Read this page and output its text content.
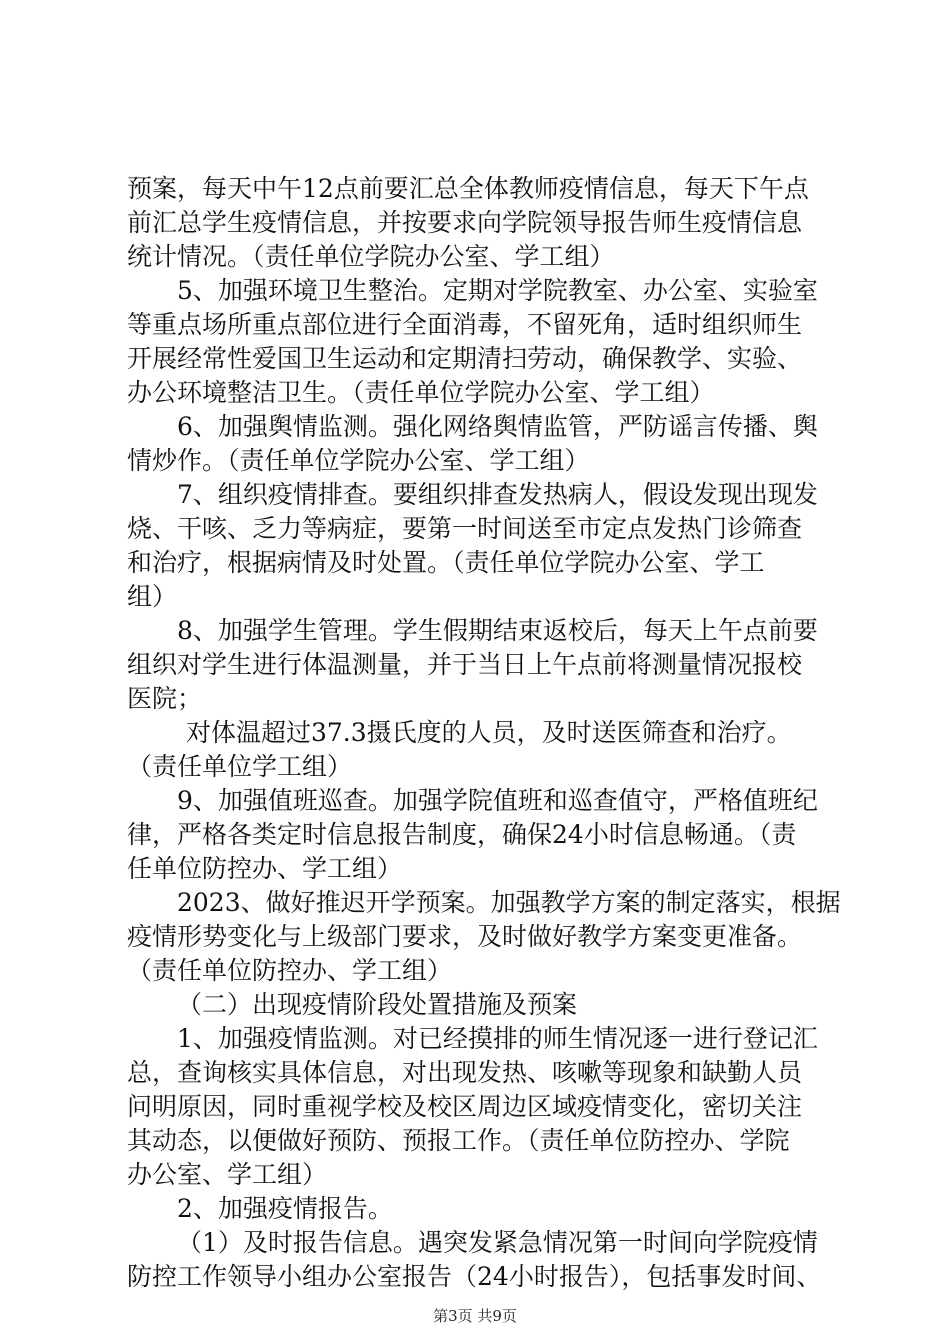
预案，每天中午12点前要汇总全体教师疫情信息，每天下午点
前汇总学生疫情信息，并按要求向学院领导报告师生疫情信息
统计情况。（责任单位学院办公室、学工组）
5、加强环境卫生整治。定期对学院教室、办公室、实验室
等重点场所重点部位进行全面消毒，不留死角，适时组织师生
开展经常性爱国卫生运动和定期清扫劳动，确保教学、实验、
办公环境整洁卫生。（责任单位学院办公室、学工组）
6、加强舆情监测。强化网络舆情监管，严防谣言传播、舆
情炒作。（责任单位学院办公室、学工组）
7、组织疫情排查。要组织排查发热病人，假设发现出现发
烧、干咳、乏力等病症，要第一时间送至市定点发热门诊筛查
和治疗，根据病情及时处置。（责任单位学院办公室、学工
组）
8、加强学生管理。学生假期结束返校后，每天上午点前要
组织对学生进行体温测量，并于当日上午点前将测量情况报校
医院；
对体温超过37.3摄氏度的人员，及时送医筛查和治疗。
（责任单位学工组）
9、加强值班巡查。加强学院值班和巡查值守，严格值班纪
律，严格各类定时信息报告制度，确保24小时信息畅通。（责
任单位防控办、学工组）
2023、做好推迟开学预案。加强教学方案的制定落实，根据
疫情形势变化与上级部门要求，及时做好教学方案变更准备。
（责任单位防控办、学工组）
（二）出现疫情阶段处置措施及预案
1、加强疫情监测。对已经摸排的师生情况逐一进行登记汇
总，查询核实具体信息，对出现发热、咳嗽等现象和缺勤人员
问明原因，同时重视学校及校区周边区域疫情变化，密切关注
其动态，以便做好预防、预报工作。（责任单位防控办、学院
办公室、学工组）
2、加强疫情报告。
（1）及时报告信息。遇突发紧急情况第一时间向学院疫情
防控工作领导小组办公室报告（24小时报告），包括事发时间、
第3页 共9页
